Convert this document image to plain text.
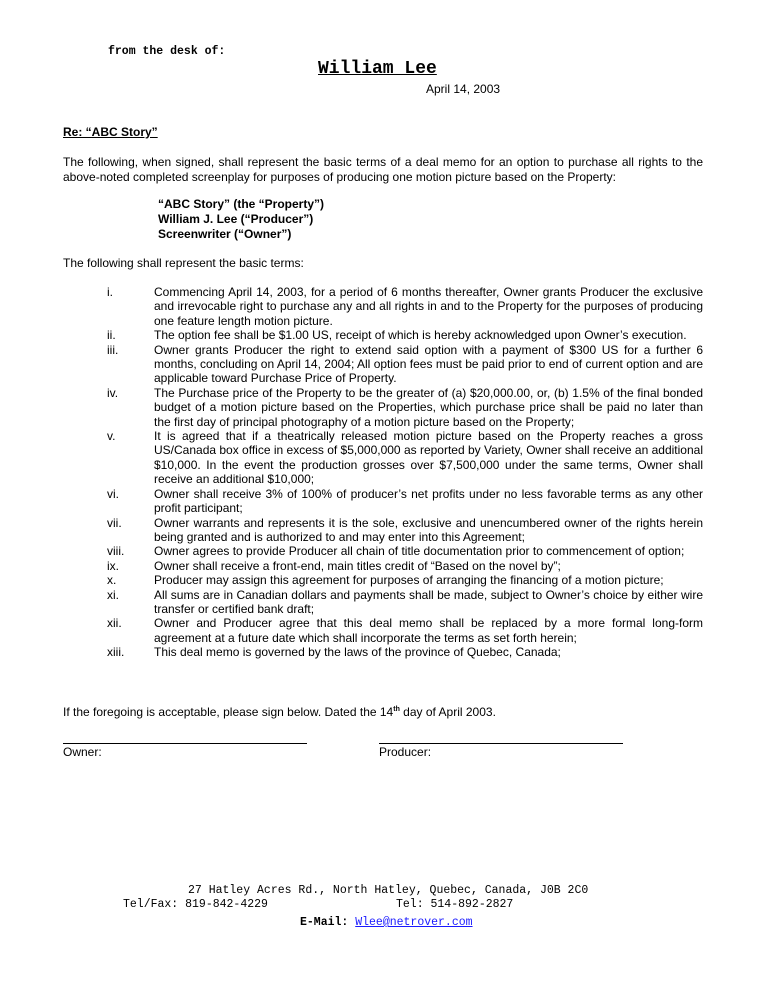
from the desk of:
William Lee
April 14, 2003
Re: “ABC Story”
The following, when signed, shall represent the basic terms of a deal memo for an option to purchase all rights to the above-noted completed screenplay for purposes of producing one motion picture based on the Property:
“ABC Story” (the “Property”)
William J. Lee (“Producer”)
Screenwriter (“Owner”)
The following shall represent the basic terms:
i.	Commencing April 14, 2003, for a period of 6 months thereafter, Owner grants Producer the exclusive and irrevocable right to purchase any and all rights in and to the Property for the purposes of producing one feature length motion picture.
ii.	The option fee shall be $1.00 US, receipt of which is hereby acknowledged upon Owner’s execution.
iii.	Owner grants Producer the right to extend said option with a payment of $300 US for a further 6 months, concluding on April 14, 2004; All option fees must be paid prior to end of current option and are applicable toward Purchase Price of Property.
iv.	The Purchase price of the Property to be the greater of (a) $20,000.00, or, (b) 1.5% of the final bonded budget of a motion picture based on the Properties, which purchase price shall be paid no later than the first day of principal photography of a motion picture based on the Property;
v.	It is agreed that if a theatrically released motion picture based on the Property reaches a gross US/Canada box office in excess of $5,000,000 as reported by Variety, Owner shall receive an additional $10,000. In the event the production grosses over $7,500,000 under the same terms, Owner shall receive an additional $10,000;
vi.	Owner shall receive 3% of 100% of producer’s net profits under no less favorable terms as any other profit participant;
vii.	Owner warrants and represents it is the sole, exclusive and unencumbered owner of the rights herein being granted and is authorized to and may enter into this Agreement;
viii.	Owner agrees to provide Producer all chain of title documentation prior to commencement of option;
ix.	Owner shall receive a front-end, main titles credit of “Based on the novel by”;
x.	Producer may assign this agreement for purposes of arranging the financing of a motion picture;
xi.	All sums are in Canadian dollars and payments shall be made, subject to Owner’s choice by either wire transfer or certified bank draft;
xii.	Owner and Producer agree that this deal memo shall be replaced by a more formal long-form agreement at a future date which shall incorporate the terms as set forth herein;
xiii.	This deal memo is governed by the laws of the province of Quebec, Canada;
If the foregoing is acceptable, please sign below. Dated the 14th day of April 2003.
Owner:	Producer:
27 Hatley Acres Rd., North Hatley, Quebec, Canada, J0B 2C0
Tel/Fax: 819-842-4229	Tel: 514-892-2827
E-Mail: Wlee@netrover.com
